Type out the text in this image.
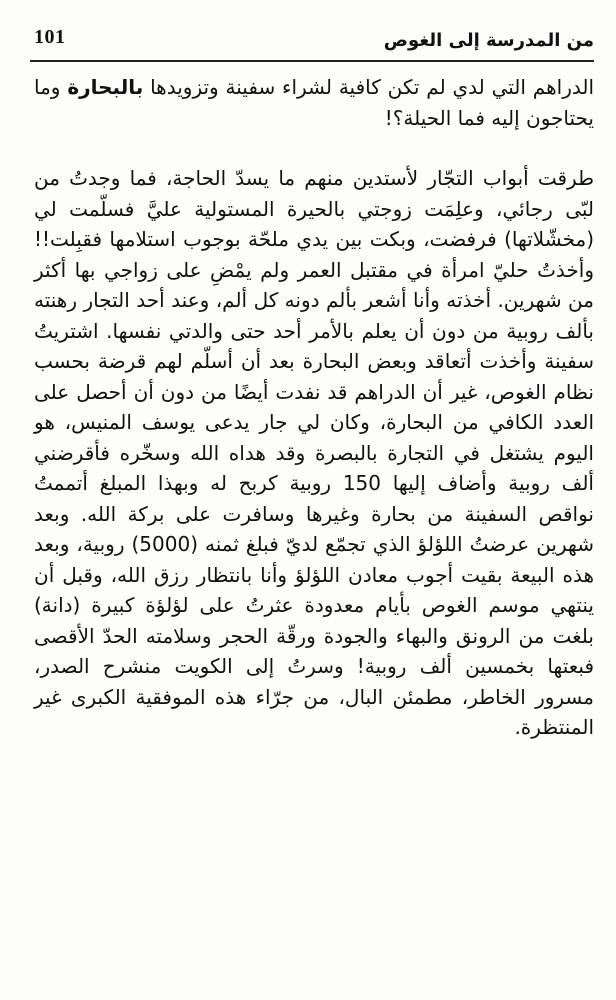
101	من المدرسة إلى الغوص

الدراهم التي لدي لم تكن كافية لشراء سفينة وتزويدها بالبحارة وما يحتاجون إليه فما الحيلة؟!

طرقت أبواب التجّار لأستدين منهم ما يسدّ الحاجة، فما وجدتُ من لبّى رجائي، وعلِمَت زوجتي بالحيرة المستولية عليَّ فسلّمت لي (مخشّلاتها) فرفضت، وبكت بين يدي ملحّة بوجوب استلامها فقبِلت!! وأخذتُ حليّ امرأة في مقتبل العمر ولم يمْضِ على زواجي بها أكثر من شهرين. أخذته وأنا أشعر بألم دونه كل ألم، وعند أحد التجار رهنته بألف روبية من دون أن يعلم بالأمر أحد حتى والدتي نفسها. اشتريتُ سفينة وأخذت أتعاقد وبعض البحارة بعد أن أسلّم لهم قرضة بحسب نظام الغوص، غير أن الدراهم قد نفدت أيضًا من دون أن أحصل على العدد الكافي من البحارة، وكان لي جار يدعى يوسف المنيس، هو اليوم يشتغل في التجارة بالبصرة وقد هداه الله وسخّره فأقرضني ألف روبية وأضاف إليها 150 روبية كربح له وبهذا المبلغ أتممتُ نواقص السفينة من بحارة وغيرها وسافرت على بركة الله. وبعد شهرين عرضتُ اللؤلؤ الذي تجمّع لديّ فبلغ ثمنه (5000) روبية، وبعد هذه البيعة بقيت أجوب معادن اللؤلؤ وأنا بانتظار رزق الله، وقبل أن ينتهي موسم الغوص بأيام معدودة عثرتُ على لؤلؤة كبيرة (دانة) بلغت من الرونق والبهاء والجودة ورقّة الحجر وسلامته الحدّ الأقصى فبعتها بخمسين ألف روبية! وسرتُ إلى الكويت منشرح الصدر، مسرور الخاطر، مطمئن البال، من جرّاء هذه الموفقية الكبرى غير المنتظرة.
